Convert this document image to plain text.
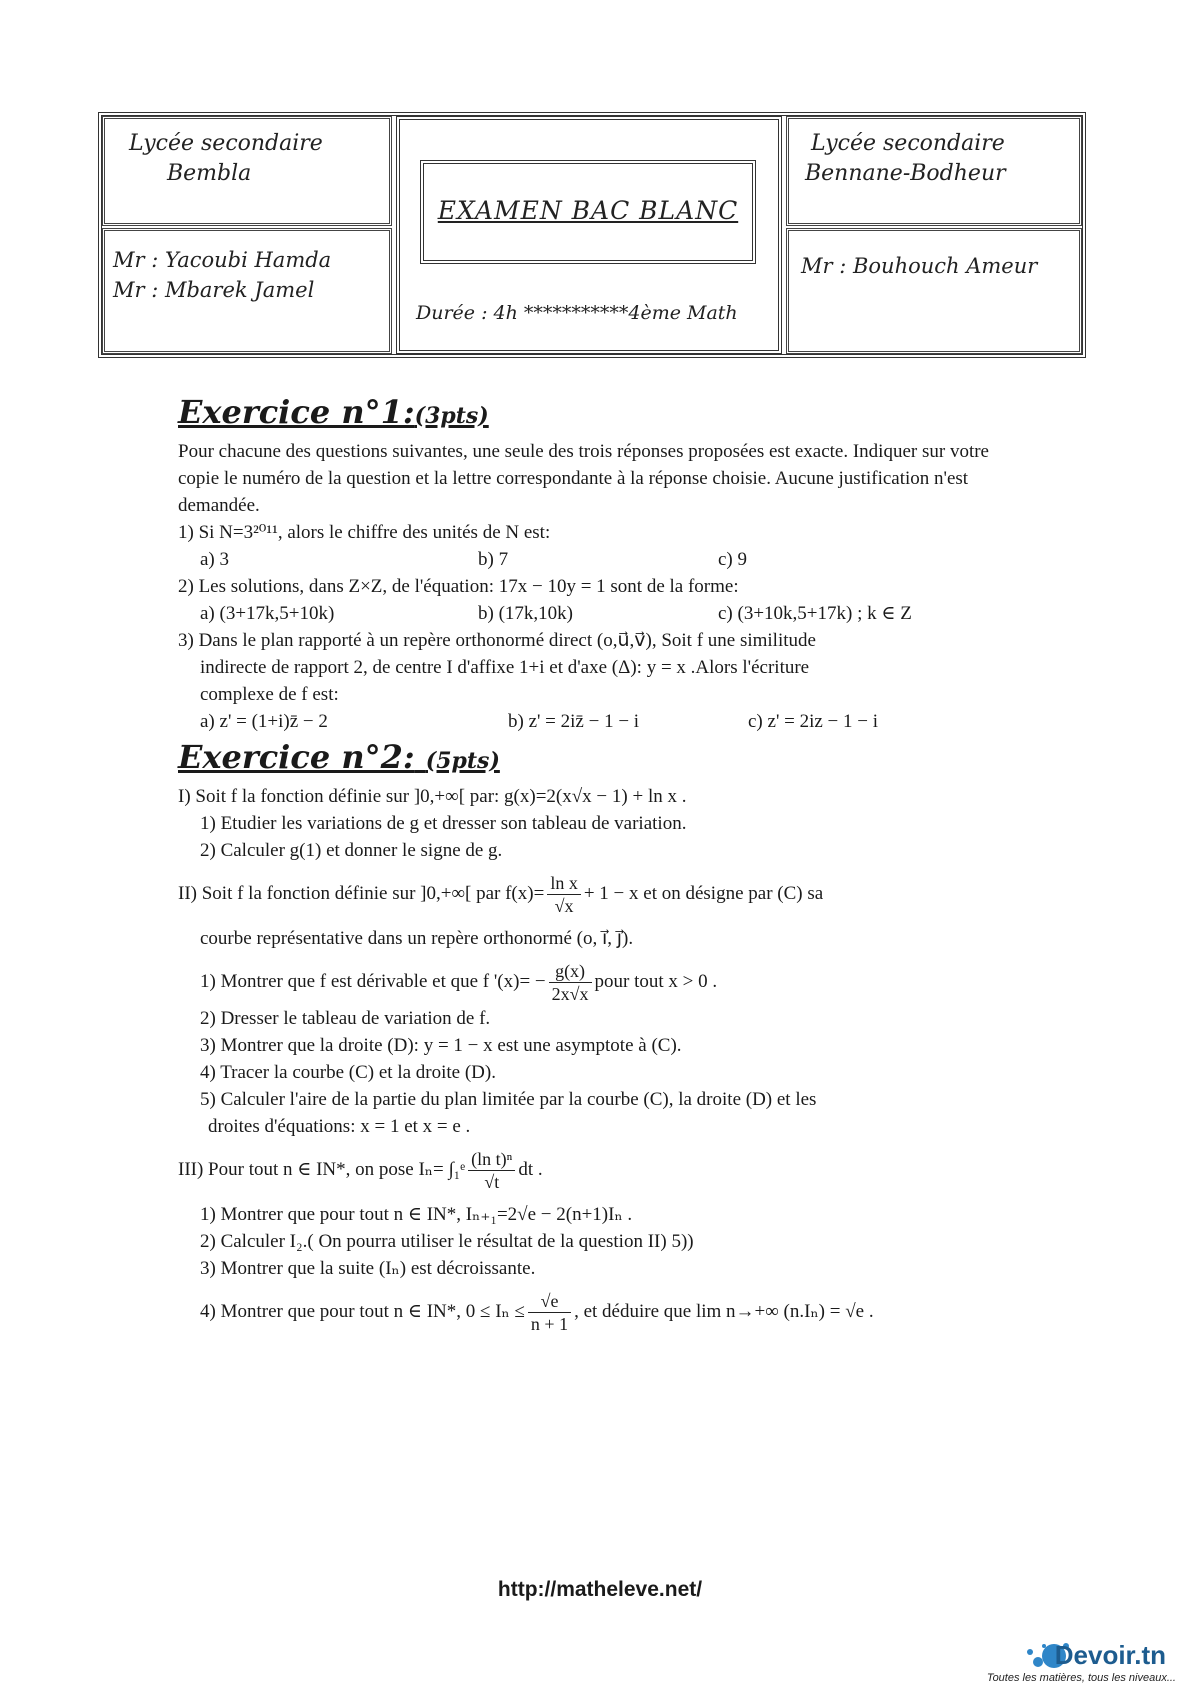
Lycée secondaire
Bembla
Mr : Yacoubi Hamda
Mr : Mbarek Jamel
EXAMEN BAC BLANC
Durée : 4h ***********4ème Math
Lycée secondaire
Bennane-Bodheur
Mr : Bouhouch Ameur
Exercice n°1:(3pts)

Pour chacune des questions suivantes, une seule des trois réponses proposées est exacte. Indiquer sur votre copie le numéro de la question et la lettre correspondante à la réponse choisie. Aucune justification n'est demandée.

1) Si N=3²⁰¹¹, alors le chiffre des unités de N est:

a) 3	b) 7	c) 9

2) Les solutions, dans Z×Z, de l'équation: 17x − 10y = 1 sont de la forme:

a) (3+17k,5+10k)	b) (17k,10k)	c) (3+10k,5+17k) ; k ∈ Z

3) Dans le plan rapporté à un repère orthonormé direct (o,u⃗,v⃗), Soit f une similitude

indirecte de rapport 2, de centre I d'affixe 1+i et d'axe (Δ): y = x .Alors l'écriture

complexe de f est:

a) z' = (1+i)z̄ − 2	b) z' = 2iz̄ − 1 − i	c) z' = 2iz − 1 − i
Exercice n°2: (5pts)

I) Soit f la fonction définie sur ]0,+∞[ par: g(x)=2(x√x − 1) + ln x .

1) Etudier les variations de g et dresser son tableau de variation.

2) Calculer g(1) et donner le signe de g.

II) Soit f la fonction définie sur ]0,+∞[ par $f(x)= \frac{\text{ln x}}{√x} + 1 - x$ et on désigne par (C) sa

courbe représentative dans un repère orthonormé (o, i⃗, j⃗).

1) Montrer que f est dérivable et que f '$(x)= - \frac{g(x)}{2x√x}$ pour tout x > 0 .

2) Dresser le tableau de variation de f.

3) Montrer que la droite (D): y = 1 − x est une asymptote à (C).

4) Tracer la courbe (C) et la droite (D).

5) Calculer l'aire de la partie du plan limitée par la courbe (C), la droite (D) et les

droites d'équations: x = 1 et x = e .

III) Pour tout n ∈ IN*, on pose Iₙ= ∫₁ᵉ $\frac{\text{(ln t)ⁿ}}{√t}$ dt .

1) Montrer que pour tout n ∈ IN*, Iₙ₊₁=2√e − 2(n+1)Iₙ .

2) Calculer I₂.( On pourra utiliser le résultat de la question II) 5))

3) Montrer que la suite (Iₙ) est décroissante.

4) Montrer que pour tout n ∈ IN*, $0 \le I_n \le \frac{√e}{n + 1}$ , et déduire que lim n→+∞ (n.Iₙ) = √e .

http://matheleve.net/
Devoir.tn
Toutes les matières, tous les niveaux...
